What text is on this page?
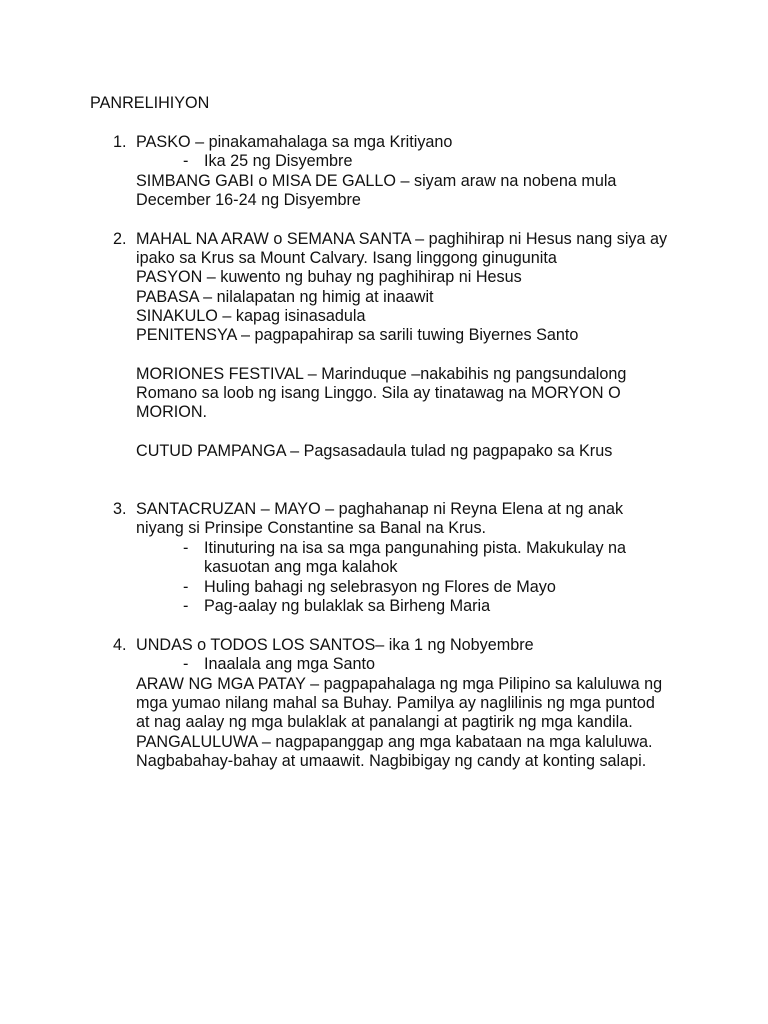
PANRELIHIYON
1. PASKO – pinakamahalaga sa mga Kritiyano
- Ika 25 ng Disyembre
SIMBANG GABI o MISA DE GALLO – siyam araw na nobena mula
December 16-24 ng Disyembre
2. MAHAL NA ARAW o SEMANA SANTA – paghihirap ni Hesus nang siya ay
ipako sa Krus sa Mount Calvary. Isang linggong ginugunita
PASYON – kuwento ng buhay ng paghihirap ni Hesus
PABASA – nilalapatan ng himig at inaawit
SINAKULO – kapag isinasadula
PENITENSYA – pagpapahirap sa sarili tuwing Biyernes Santo
MORIONES FESTIVAL – Marinduque –nakabihis ng pangsundalong
Romano sa loob ng isang Linggo. Sila ay tinatawag na MORYON O
MORION.
CUTUD PAMPANGA – Pagsasadaula tulad ng pagpapako sa Krus
3. SANTACRUZAN – MAYO – paghahanap ni Reyna Elena at ng anak
niyang si Prinsipe Constantine sa Banal na Krus.
- Itinuturing na isa sa mga pangunahing pista. Makukulay na
kasuotan ang mga kalahok
- Huling bahagi ng selebrasyon ng Flores de Mayo
- Pag-aalay ng bulaklak sa Birheng Maria
4. UNDAS o TODOS LOS SANTOS– ika 1 ng Nobyembre
- Inaalala ang mga Santo
ARAW NG MGA PATAY – pagpapahalaga ng mga Pilipino sa kaluluwa ng
mga yumao nilang mahal sa Buhay. Pamilya ay naglilinis ng mga puntod
at nag aalay ng mga bulaklak at panalangi at pagtirik ng mga kandila.
PANGALULUWA – nagpapanggap ang mga kabataan na mga kaluluwa.
Nagbabahay-bahay at umaawit. Nagbibigay ng candy at konting salapi.
